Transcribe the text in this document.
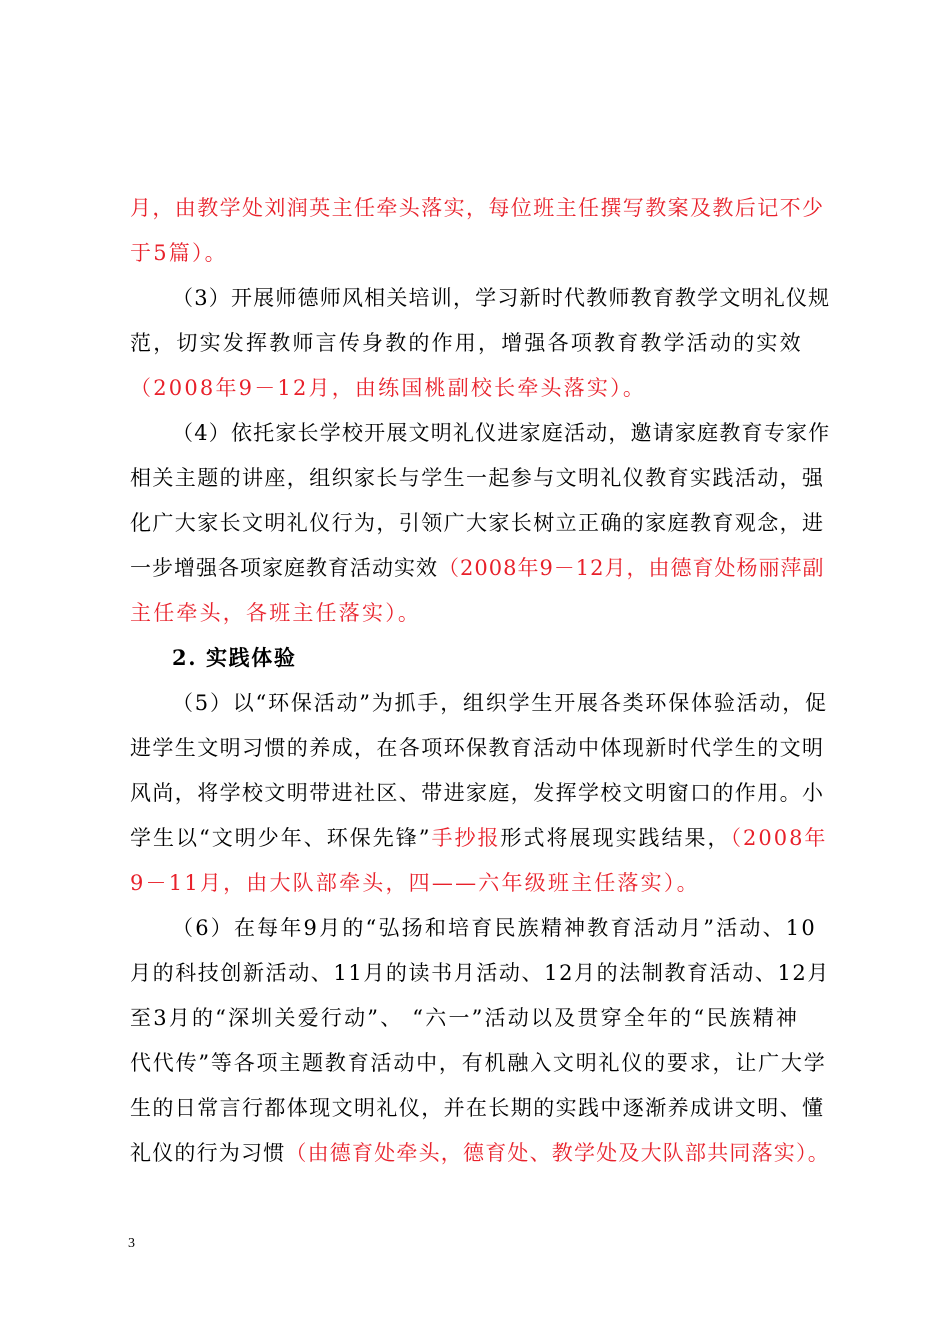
月，由教学处刘润英主任牵头落实，每位班主任撰写教案及教后记不少
于5篇）。
（3）开展师德师风相关培训，学习新时代教师教育教学文明礼仪规
范，切实发挥教师言传身教的作用，增强各项教育教学活动的实效
（2008年9－12月，由练国桃副校长牵头落实）。
（4）依托家长学校开展文明礼仪进家庭活动，邀请家庭教育专家作
相关主题的讲座，组织家长与学生一起参与文明礼仪教育实践活动，强
化广大家长文明礼仪行为，引领广大家长树立正确的家庭教育观念，进
一步增强各项家庭教育活动实效（2008年9－12月，由德育处杨丽萍副
主任牵头，各班主任落实）。
2. 实践体验
（5）以“环保活动”为抓手，组织学生开展各类环保体验活动，促
进学生文明习惯的养成，在各项环保教育活动中体现新时代学生的文明
风尚，将学校文明带进社区、带进家庭，发挥学校文明窗口的作用。小
学生以“文明少年、环保先锋”手抄报形式将展现实践结果，（2008年
9－11月，由大队部牵头，四——六年级班主任落实）。
（6）在每年9月的“弘扬和培育民族精神教育活动月”活动、10
月的科技创新活动、11月的读书月活动、12月的法制教育活动、12月
至3月的“深圳关爱行动”、 “六一”活动以及贯穿全年的“民族精神
代代传”等各项主题教育活动中，有机融入文明礼仪的要求，让广大学
生的日常言行都体现文明礼仪，并在长期的实践中逐渐养成讲文明、懂
礼仪的行为习惯（由德育处牵头，德育处、教学处及大队部共同落实）。
3
